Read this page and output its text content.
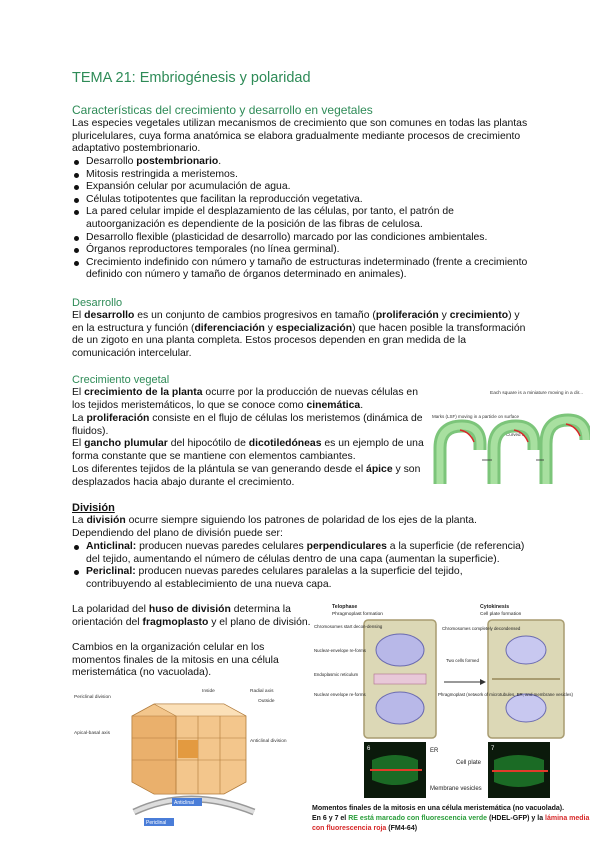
TEMA 21: Embriogénesis y polaridad
Características del crecimiento y desarrollo en vegetales

Las especies vegetales utilizan mecanismos de crecimiento que son comunes en todas las plantas pluricelulares, cuya forma anatómica se elabora gradualmente mediante procesos de crecimiento adaptativo postembrionario.

Desarrollo postembrionario.
Mitosis restringida a meristemos.
Expansión celular por acumulación de agua.
Células totipotentes que facilitan la reproducción vegetativa.
La pared celular impide el desplazamiento de las células, por tanto, el patrón de autoorganización es dependiente de la posición de las fibras de celulosa.
Desarrollo flexible (plasticidad de desarrollo) marcado por las condiciones ambientales.
Órganos reproductores temporales (no línea germinal).
Crecimiento indefinido con número y tamaño de estructuras indeterminado (frente a crecimiento definido con número y tamaño de órganos determinado en animales).
Desarrollo

El desarrollo es un conjunto de cambios progresivos en tamaño (proliferación y crecimiento) y en la estructura y función (diferenciación y especialización) que hacen posible la transformación de un zigoto en una planta completa. Estos procesos dependen en gran medida de la comunicación intercelular.

Crecimiento vegetal

El crecimiento de la planta ocurre por la producción de nuevas células en los tejidos meristemáticos, lo que se conoce como cinemática.

La proliferación consiste en el flujo de células los meristemos (dinámica de fluidos).

El gancho plumular del hipocótilo de dicotiledóneas es un ejemplo de una forma constante que se mantiene con elementos cambiantes.

Los diferentes tejidos de la plántula se van generando desde el ápice y son desplazados hacia abajo durante el crecimiento.

Each square is a miniature moving in a dir...
Marks (LSF) moving in a particle on surface
Cotyledon
Curved stream
División

La división ocurre siempre siguiendo los patrones de polaridad de los ejes de la planta.

Dependiendo del plano de división puede ser:

Anticlinal: producen nuevas paredes celulares perpendiculares a la superficie (de referencia) del tejido, aumentando el número de células dentro de una capa (aumentan la superficie).
Periclinal: producen nuevas paredes celulares paralelas a la superficie del tejido, contribuyendo al establecimiento de una nueva capa.

La polaridad del huso de división determina la orientación del fragmoplasto y el plano de división.

Cambios en la organización celular en los momentos finales de la mitosis en una célula meristemática (no vacuolada).

Inside	Radial axis
Outside
Periclinal division
Apical-basal axis
Anticlinal division
Anticlinal
Periclinal
Telophase
Phragmoplast formation
Cytokinesis
Cell plate formation
Chromosomes start decon-densing
Nuclear-envelope re-forms
Endoplasmic reticulum
Nuclear envelope re-forms
Chromosomes completely decondensed
Two cells formed
Phragmoplast (network of microtubules, ER, and membrane vesicles)
6	7
ER
Cell plate
Membrane vesicles
Momentos finales de la mitosis en una célula meristemática (no vacuolada).
En 6 y 7 el RE está marcado con fluorescencia verde (HDEL-GFP) y la lámina media con fluorescencia roja (FM4-64)
